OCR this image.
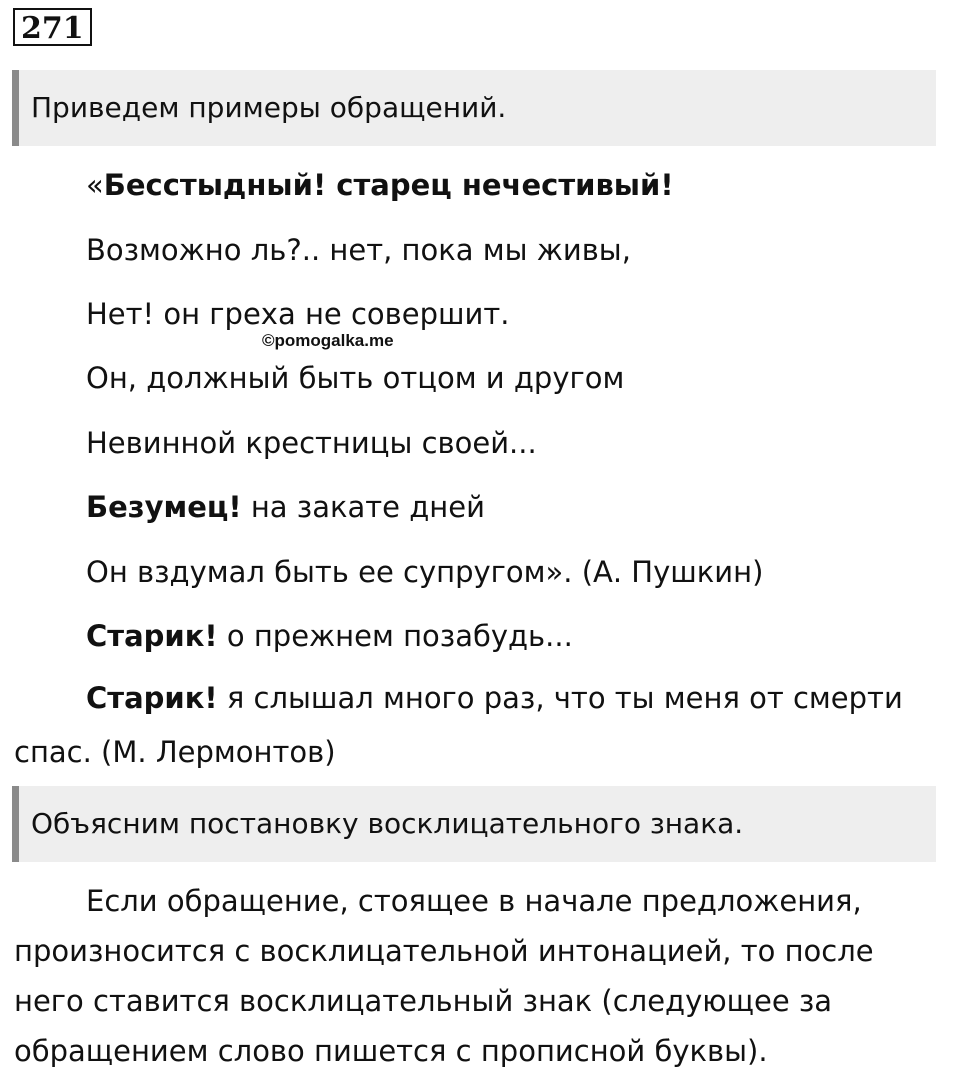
271
Приведем примеры обращений.
«Бесстыдный! старец нечестивый!
Возможно ль?.. нет, пока мы живы,
Нет! он греха не совершит.
©pomogalka.me
Он, должный быть отцом и другом
Невинной крестницы своей...
Безумец! на закате дней
Он вздумал быть ее супругом». (А. Пушкин)
Старик! о прежнем позабудь...
Старик! я слышал много раз, что ты меня от смерти спас. (М. Лермонтов)
Объясним постановку восклицательного знака.
Если обращение, стоящее в начале предложения, произносится с восклицательной интонацией, то после него ставится восклицательный знак (следующее за обращением слово пишется с прописной буквы).
